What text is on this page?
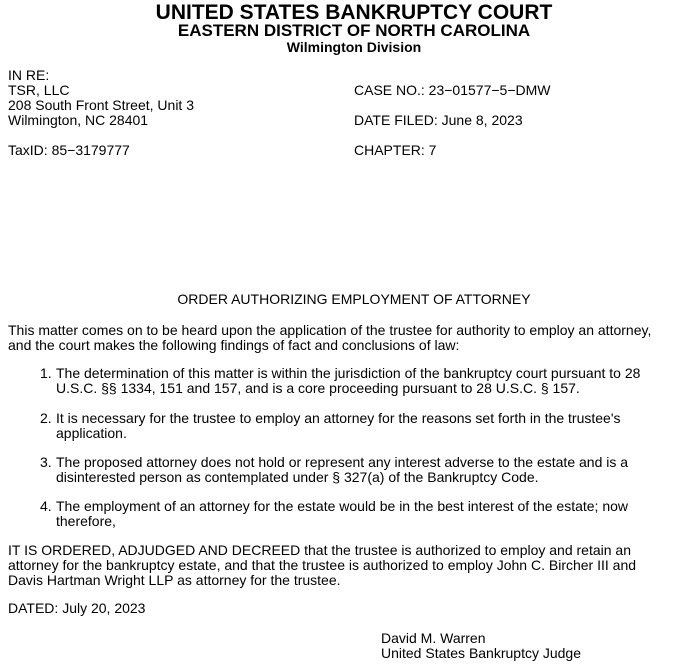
UNITED STATES BANKRUPTCY COURT
EASTERN DISTRICT OF NORTH CAROLINA
Wilmington Division
IN RE:
TSR, LLC
208 South Front Street, Unit 3
Wilmington, NC 28401
TaxID: 85−3179777
CASE NO.: 23−01577−5−DMW
DATE FILED: June 8, 2023
CHAPTER: 7
ORDER AUTHORIZING EMPLOYMENT OF ATTORNEY
This matter comes on to be heard upon the application of the trustee for authority to employ an attorney,
and the court makes the following findings of fact and conclusions of law:
1. The determination of this matter is within the jurisdiction of the bankruptcy court pursuant to 28
U.S.C. §§ 1334, 151 and 157, and is a core proceeding pursuant to 28 U.S.C. § 157.
2. It is necessary for the trustee to employ an attorney for the reasons set forth in the trustee's
application.
3. The proposed attorney does not hold or represent any interest adverse to the estate and is a
disinterested person as contemplated under § 327(a) of the Bankruptcy Code.
4. The employment of an attorney for the estate would be in the best interest of the estate; now
therefore,
IT IS ORDERED, ADJUDGED AND DECREED that the trustee is authorized to employ and retain an
attorney for the bankruptcy estate, and that the trustee is authorized to employ John C. Bircher III and
Davis Hartman Wright LLP as attorney for the trustee.
DATED: July 20, 2023
David M. Warren
United States Bankruptcy Judge
